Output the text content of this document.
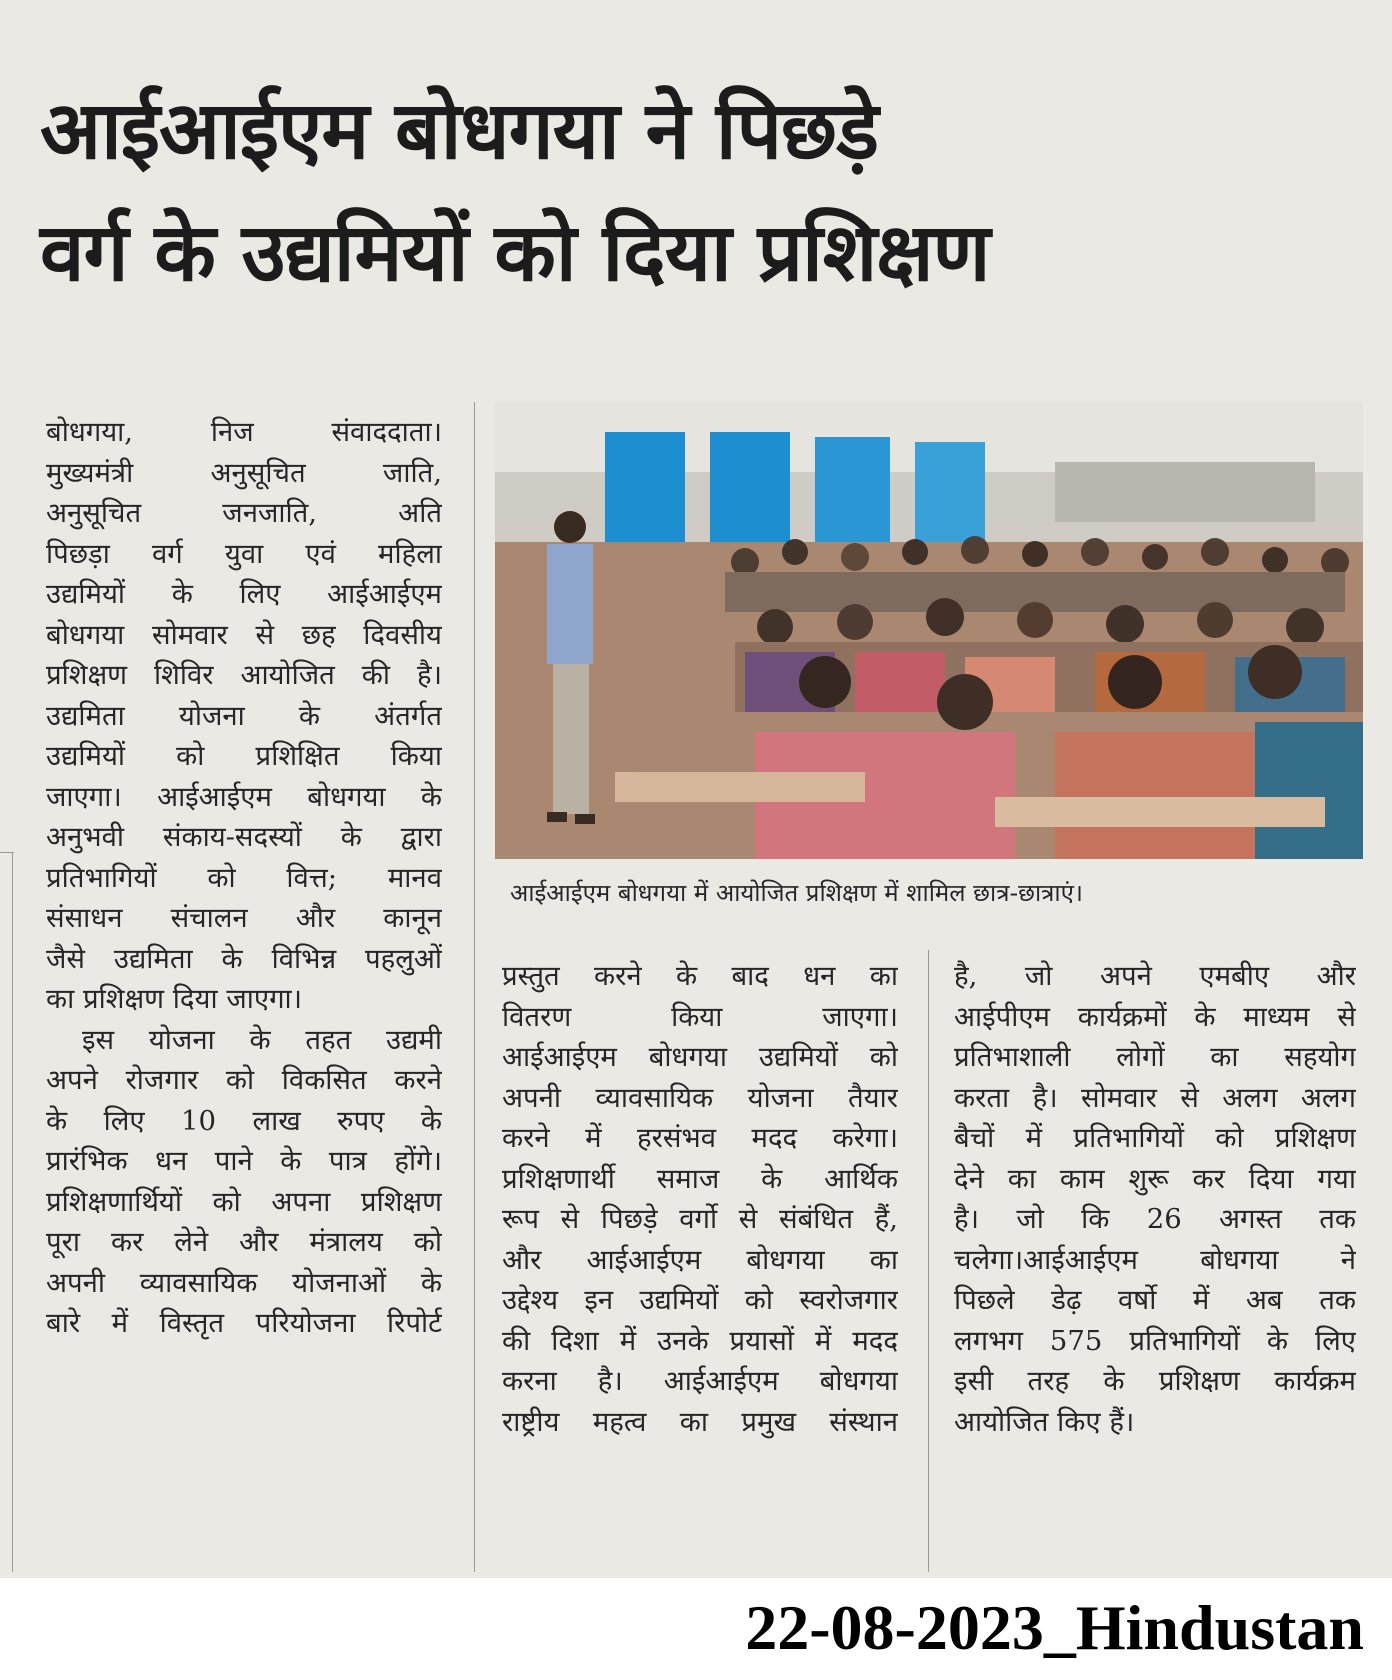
आईआईएम बोधगया ने पिछड़े
वर्ग के उद्यमियों को दिया प्रशिक्षण

बोधगया, निज संवाददाता।
मुख्यमंत्री अनुसूचित जाति,
अनुसूचित जनजाति, अति
पिछड़ा वर्ग युवा एवं महिला
उद्यमियों के लिए आईआईएम
बोधगया सोमवार से छह दिवसीय
प्रशिक्षण शिविर आयोजित की है।
उद्यमिता योजना के अंतर्गत
उद्यमियों को प्रशिक्षित किया
जाएगा। आईआईएम बोधगया के
अनुभवी संकाय-सदस्यों के द्वारा
प्रतिभागियों को वित्त; मानव
संसाधन संचालन और कानून
जैसे उद्यमिता के विभिन्न पहलुओं
का प्रशिक्षण दिया जाएगा।

इस योजना के तहत उद्यमी
अपने रोजगार को विकसित करने
के लिए 10 लाख रुपए के
प्रारंभिक धन पाने के पात्र होंगे।
प्रशिक्षणार्थियों को अपना प्रशिक्षण
पूरा कर लेने और मंत्रालय को
अपनी व्यावसायिक योजनाओं के
बारे में विस्तृत परियोजना रिपोर्ट

आईआईएम बोधगया में आयोजित प्रशिक्षण में शामिल छात्र-छात्राएं।

प्रस्तुत करने के बाद धन का
वितरण किया जाएगा।
आईआईएम बोधगया उद्यमियों को
अपनी व्यावसायिक योजना तैयार
करने में हरसंभव मदद करेगा।
प्रशिक्षणार्थी समाज के आर्थिक
रूप से पिछड़े वर्गो से संबंधित हैं,
और आईआईएम बोधगया का
उद्देश्य इन उद्यमियों को स्वरोजगार
की दिशा में उनके प्रयासों में मदद
करना है। आईआईएम बोधगया
राष्ट्रीय महत्व का प्रमुख संस्थान

है, जो अपने एमबीए और
आईपीएम कार्यक्रमों के माध्यम से
प्रतिभाशाली लोगों का सहयोग
करता है। सोमवार से अलग अलग
बैचों में प्रतिभागियों को प्रशिक्षण
देने का काम शुरू कर दिया गया
है। जो कि 26 अगस्त तक
चलेगा।आईआईएम बोधगया ने
पिछले डेढ़ वर्षो में अब तक
लगभग 575 प्रतिभागियों के लिए
इसी तरह के प्रशिक्षण कार्यक्रम
आयोजित किए हैं।

22-08-2023_Hindustan
